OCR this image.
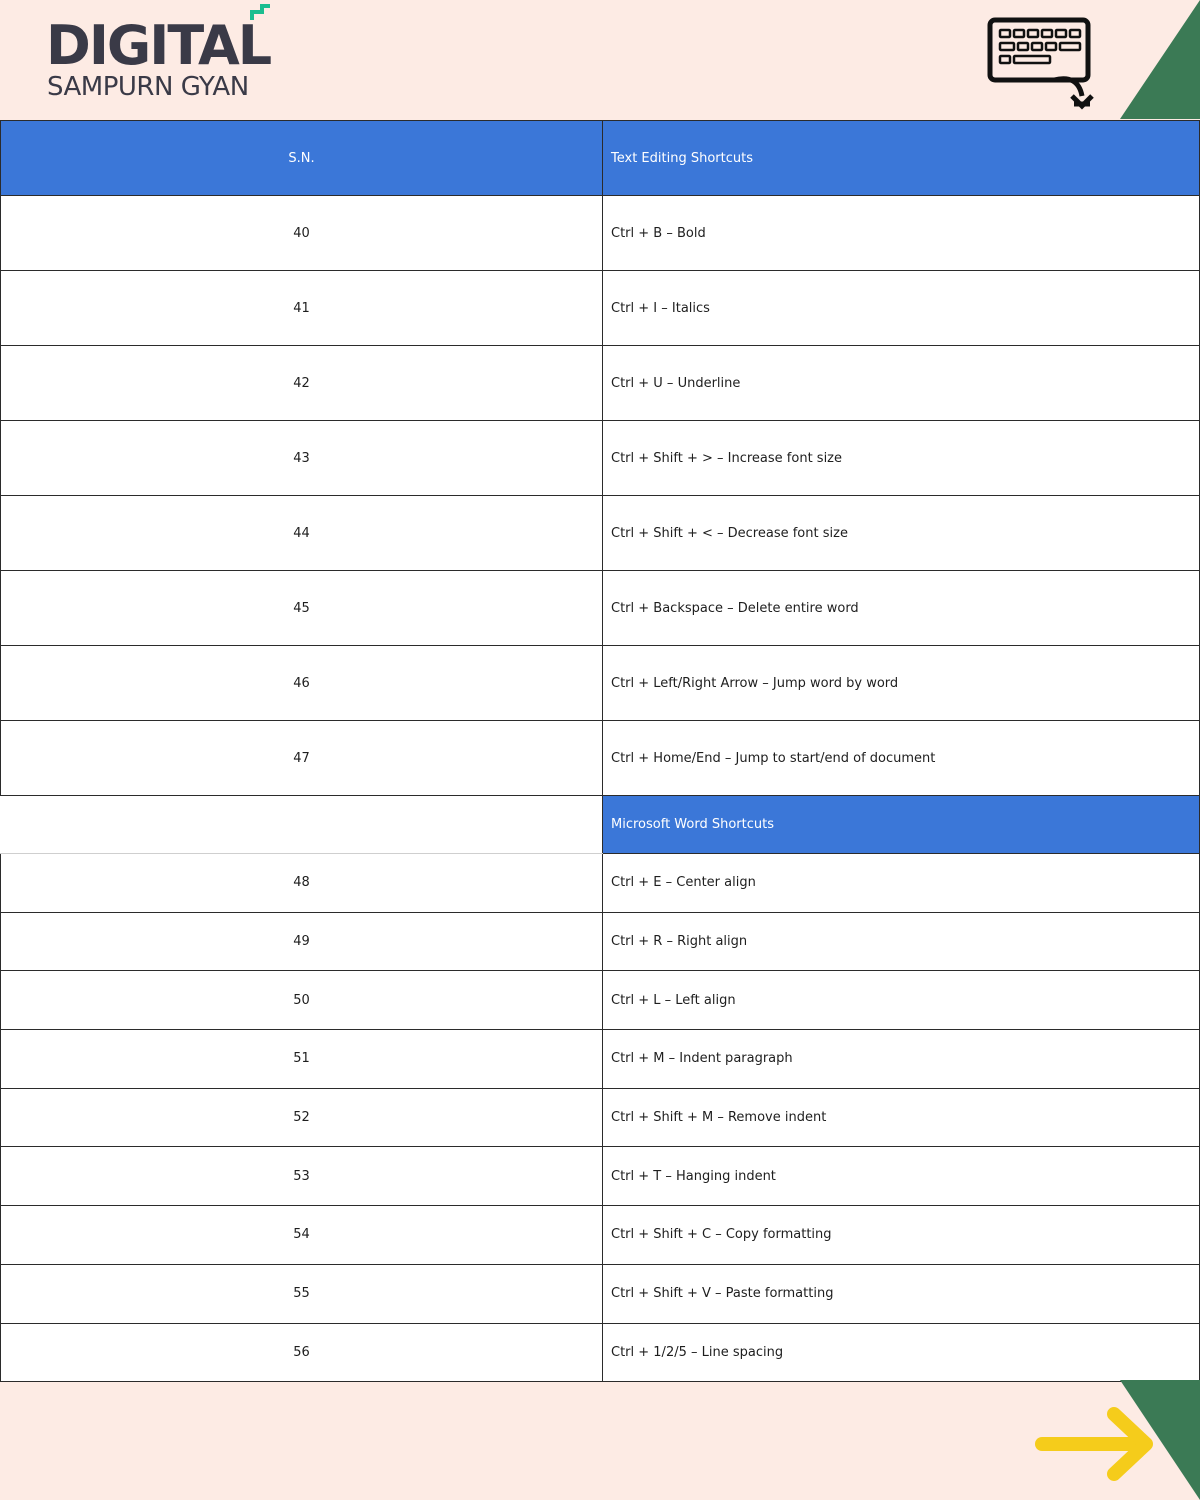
DIGITAL
SAMPURN GYAN
S.N.	Text Editing Shortcuts
40	Ctrl + B – Bold
41	Ctrl + I – Italics
42	Ctrl + U – Underline
43	Ctrl + Shift + > – Increase font size
44	Ctrl + Shift + < – Decrease font size
45	Ctrl + Backspace – Delete entire word
46	Ctrl + Left/Right Arrow – Jump word by word
47	Ctrl + Home/End – Jump to start/end of document
	Microsoft Word Shortcuts
48	Ctrl + E – Center align
49	Ctrl + R – Right align
50	Ctrl + L – Left align
51	Ctrl + M – Indent paragraph
52	Ctrl + Shift + M – Remove indent
53	Ctrl + T – Hanging indent
54	Ctrl + Shift + C – Copy formatting
55	Ctrl + Shift + V – Paste formatting
56	Ctrl + 1/2/5 – Line spacing
